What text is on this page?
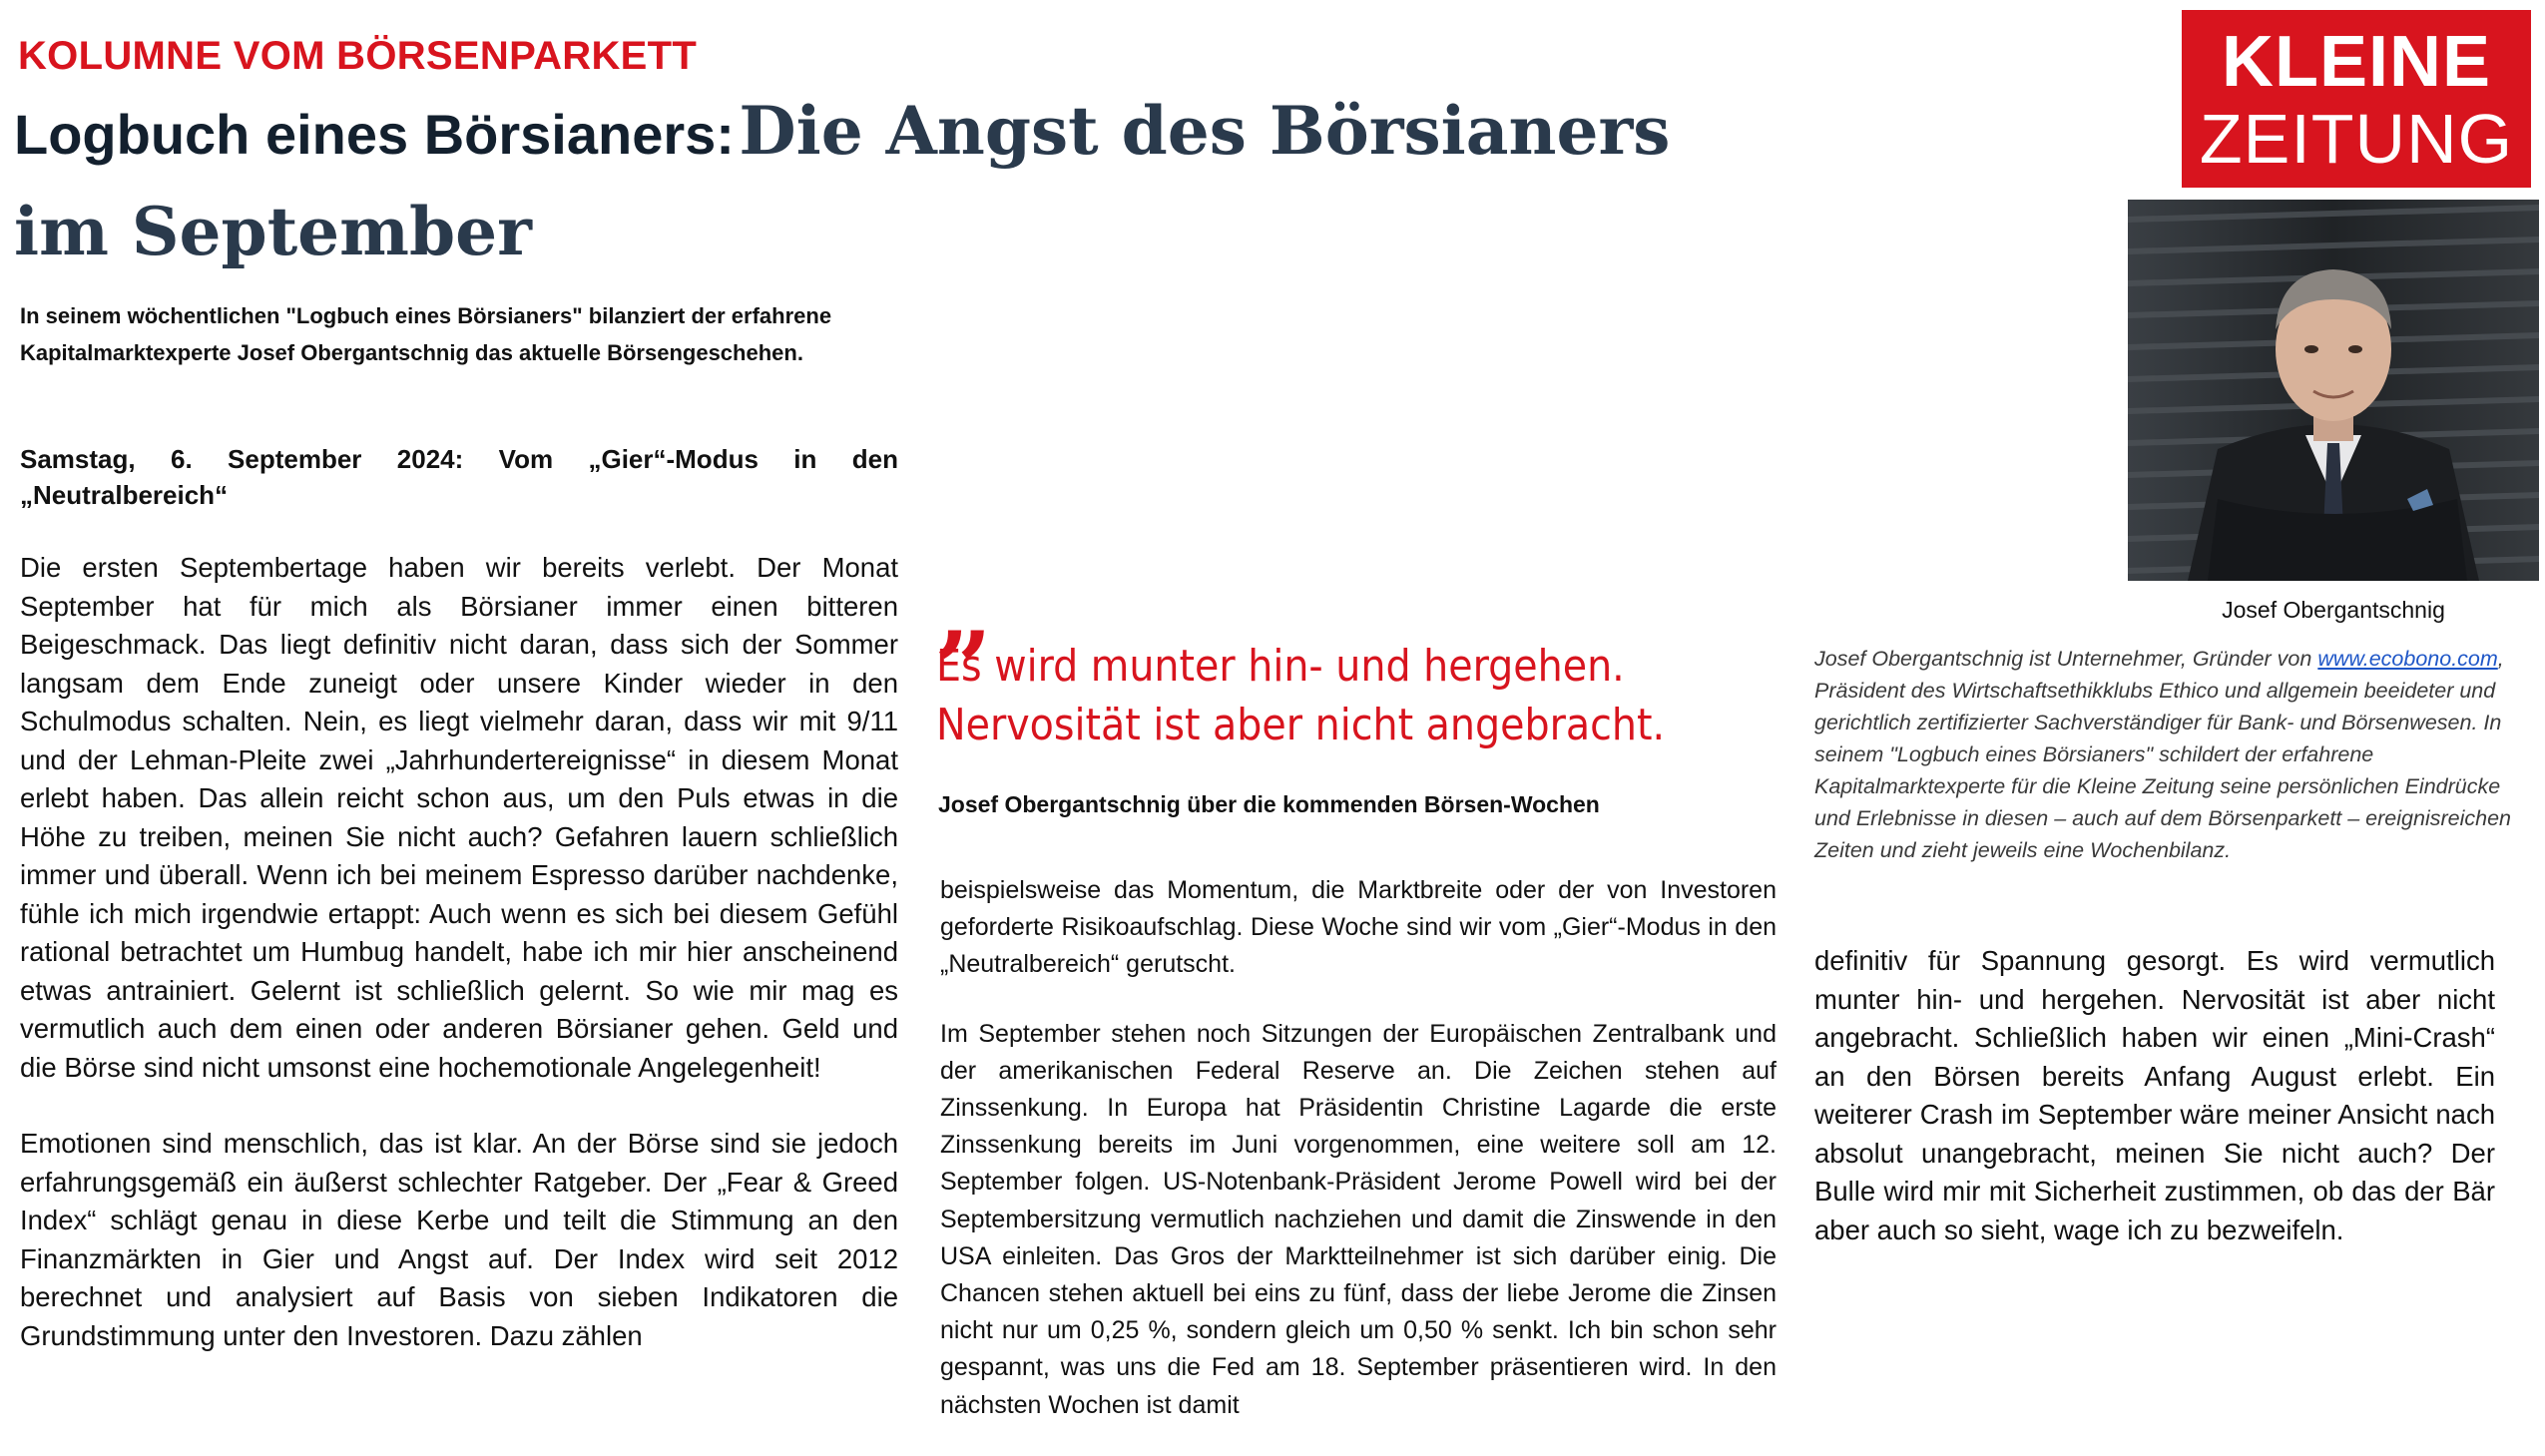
KOLUMNE VOM BÖRSENPARKETT
Logbuch eines Börsianers: Die Angst des Börsianers
im September
In seinem wöchentlichen "Logbuch eines Börsianers" bilanziert der erfahrene
Kapitalmarktexperte Josef Obergantschnig das aktuelle Börsengeschehen.

Samstag, 6. September 2024: Vom „Gier“-Modus in den „Neutralbereich“

Die ersten Septembertage haben wir bereits verlebt. Der Monat September hat für mich als Börsianer immer einen bitteren Beigeschmack. Das liegt definitiv nicht daran, dass sich der Sommer langsam dem Ende zuneigt oder unsere Kinder wieder in den Schulmodus schalten. Nein, es liegt vielmehr daran, dass wir mit 9/11 und der Lehman-Pleite zwei „Jahrhundertereignisse“ in diesem Monat erlebt haben. Das allein reicht schon aus, um den Puls etwas in die Höhe zu treiben, meinen Sie nicht auch? Gefahren lauern schließlich immer und überall. Wenn ich bei meinem Espresso darüber nachdenke, fühle ich mich irgendwie ertappt: Auch wenn es sich bei diesem Gefühl rational betrachtet um Humbug handelt, habe ich mir hier anscheinend etwas antrainiert. Gelernt ist schließlich gelernt. So wie mir mag es vermutlich auch dem einen oder anderen Börsianer gehen. Geld und die Börse sind nicht umsonst eine hochemotionale Angelegenheit!

Emotionen sind menschlich, das ist klar. An der Börse sind sie jedoch erfahrungsgemäß ein äußerst schlechter Ratgeber. Der „Fear & Greed Index“ schlägt genau in diese Kerbe und teilt die Stimmung an den Finanzmärkten in Gier und Angst auf. Der Index wird seit 2012 berechnet und analysiert auf Basis von sieben Indikatoren die Grundstimmung unter den Investoren. Dazu zählen

„
Es wird munter hin- und hergehen.
Nervosität ist aber nicht angebracht.
Josef Obergantschnig über die kommenden Börsen-Wochen

beispielsweise das Momentum, die Marktbreite oder der von Investoren geforderte Risikoaufschlag. Diese Woche sind wir vom „Gier“-Modus in den „Neutralbereich“ gerutscht.

Im September stehen noch Sitzungen der Europäischen Zentralbank und der amerikanischen Federal Reserve an. Die Zeichen stehen auf Zinssenkung. In Europa hat Präsidentin Christine Lagarde die erste Zinssenkung bereits im Juni vorgenommen, eine weitere soll am 12. September folgen. US-Notenbank-Präsident Jerome Powell wird bei der Septembersitzung vermutlich nachziehen und damit die Zinswende in den USA einleiten. Das Gros der Marktteilnehmer ist sich darüber einig. Die Chancen stehen aktuell bei eins zu fünf, dass der liebe Jerome die Zinsen nicht nur um 0,25 %, sondern gleich um 0,50 % senkt. Ich bin schon sehr gespannt, was uns die Fed am 18. September präsentieren wird. In den nächsten Wochen ist damit

KLEINE
ZEITUNG
Josef Obergantschnig
Josef Obergantschnig ist Unternehmer, Gründer von www.ecobono.com, Präsident des Wirtschaftsethikklubs Ethico und allgemein beeideter und gerichtlich zertifizierter Sachverständiger für Bank- und Börsenwesen. In seinem "Logbuch eines Börsianers" schildert der erfahrene Kapitalmarktexperte für die Kleine Zeitung seine persönlichen Eindrücke und Erlebnisse in diesen – auch auf dem Börsenparkett – ereignisreichen Zeiten und zieht jeweils eine Wochenbilanz.

definitiv für Spannung gesorgt. Es wird vermutlich munter hin- und hergehen. Nervosität ist aber nicht angebracht. Schließlich haben wir einen „Mini-Crash“ an den Börsen bereits Anfang August erlebt. Ein weiterer Crash im September wäre meiner Ansicht nach absolut unangebracht, meinen Sie nicht auch? Der Bulle wird mir mit Sicherheit zustimmen, ob das der Bär aber auch so sieht, wage ich zu bezweifeln.
